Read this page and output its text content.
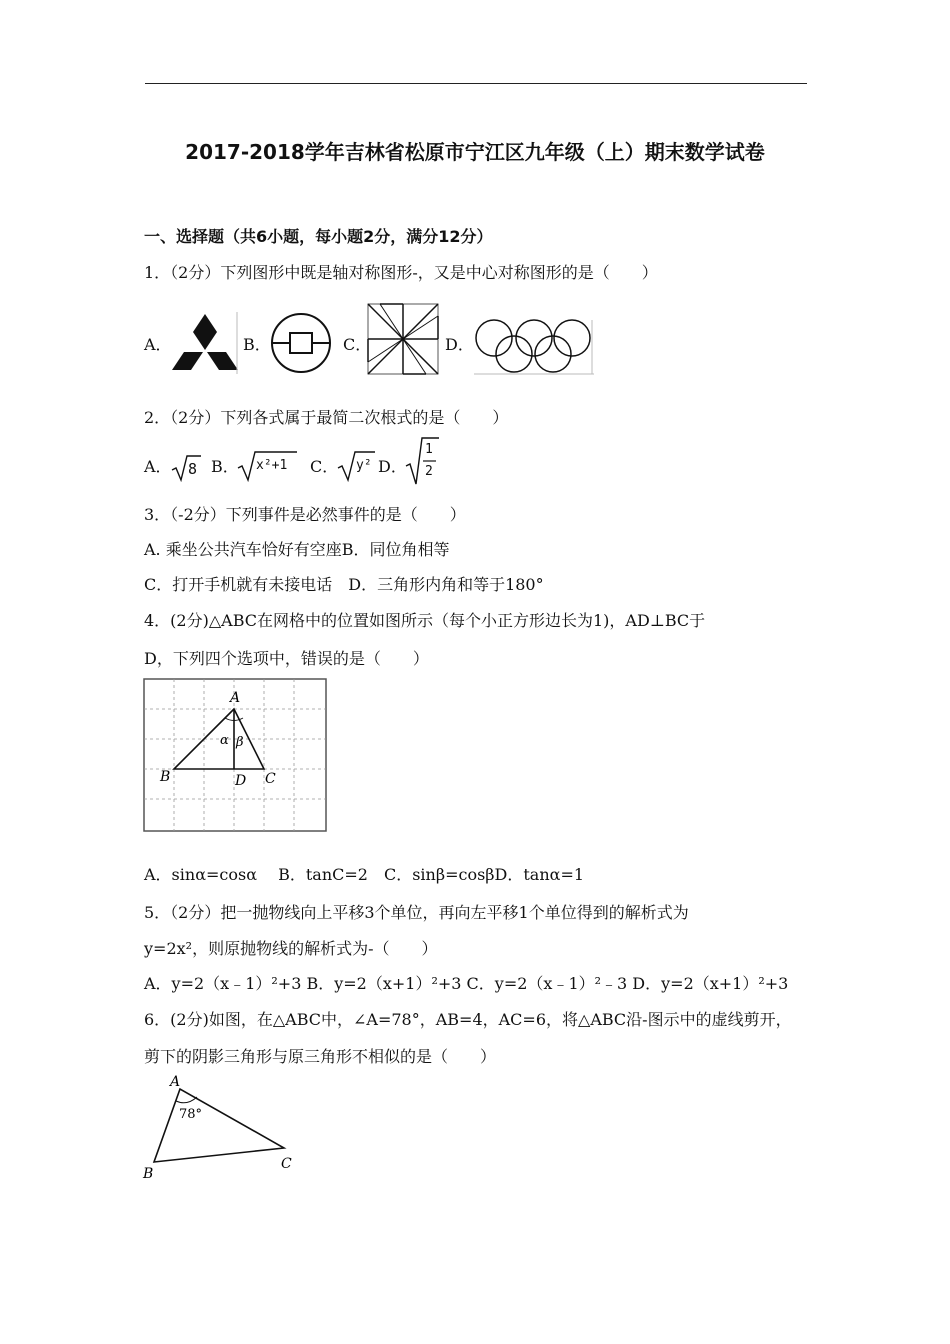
2017-2018学年吉林省松原市宁江区九年级（上）期末数学试卷
一、选择题（共6小题，每小题2分，满分12分）
1．（2分）下列图形中既是轴对称图形-，又是中心对称图形的是（　　）
A．	B．	C．	D．
2．（2分）下列各式属于最简二次根式的是（　　）
A． 8 B． x²+1 C． y² D．
1
2
3．（-2分）下列事件是必然事件的是（　　）
A. 乘坐公共汽车恰好有空座B．同位角相等
C．打开手机就有未接电话　D．三角形内角和等于180°
4．(2分)△ABC在网格中的位置如图所示（每个小正方形边长为1)，AD⊥BC于
D，下列四个选项中，错误的是（　　）
A
B	C
D
α β
A．sinα=cosα　 B．tanC=2　C．sinβ=cosβD．tanα=1
5．（2分）把一抛物线向上平移3个单位，再向左平移1个单位得到的解析式为
y=2x²，则原抛物线的解析式为-（　　）
A．y=2（x﹣1）²+3 B．y=2（x+1）²+3 C．y=2（x﹣1）²﹣3 D．y=2（x+1）²+3
6．(2分)如图，在△ABC中，∠A=78°，AB=4，AC=6，将△ABC沿-图示中的虚线剪开，
剪下的阴影三角形与原三角形不相似的是（　　）
A
B
C
78°
